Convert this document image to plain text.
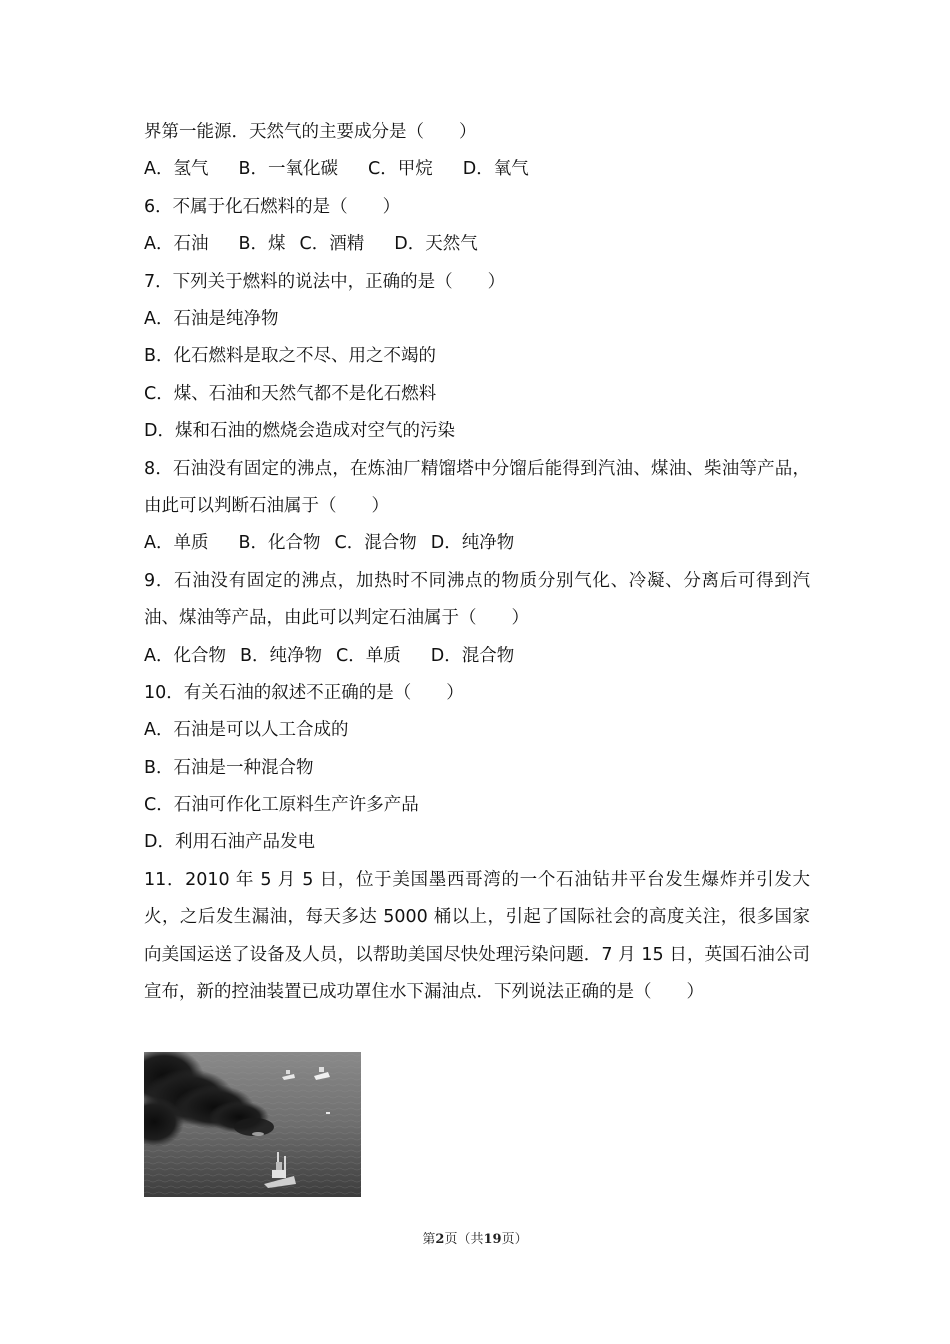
界第一能源．天然气的主要成分是（　　）
A．氢气 B．一氧化碳 C．甲烷 D．氧气
6．不属于化石燃料的是（　　）
A．石油 B．煤 C．酒精 D．天然气
7．下列关于燃料的说法中，正确的是（　　）
A．石油是纯净物
B．化石燃料是取之不尽、用之不竭的
C．煤、石油和天然气都不是化石燃料
D．煤和石油的燃烧会造成对空气的污染
8．石油没有固定的沸点，在炼油厂精馏塔中分馏后能得到汽油、煤油、柴油等产品，由此可以判断石油属于（　　）
A．单质 B．化合物 C．混合物 D．纯净物
9．石油没有固定的沸点，加热时不同沸点的物质分别气化、冷凝、分离后可得到汽油、煤油等产品，由此可以判定石油属于（　　）
A．化合物 B．纯净物 C．单质 D．混合物
10．有关石油的叙述不正确的是（　　）
A．石油是可以人工合成的
B．石油是一种混合物
C．石油可作化工原料生产许多产品
D．利用石油产品发电
11．2010 年 5 月 5 日，位于美国墨西哥湾的一个石油钻井平台发生爆炸并引发大火，之后发生漏油，每天多达 5000 桶以上，引起了国际社会的高度关注，很多国家向美国运送了设备及人员，以帮助美国尽快处理污染问题．7 月 15 日，英国石油公司宣布，新的控油装置已成功罩住水下漏油点．下列说法正确的是（　　）
第2页（共19页）
